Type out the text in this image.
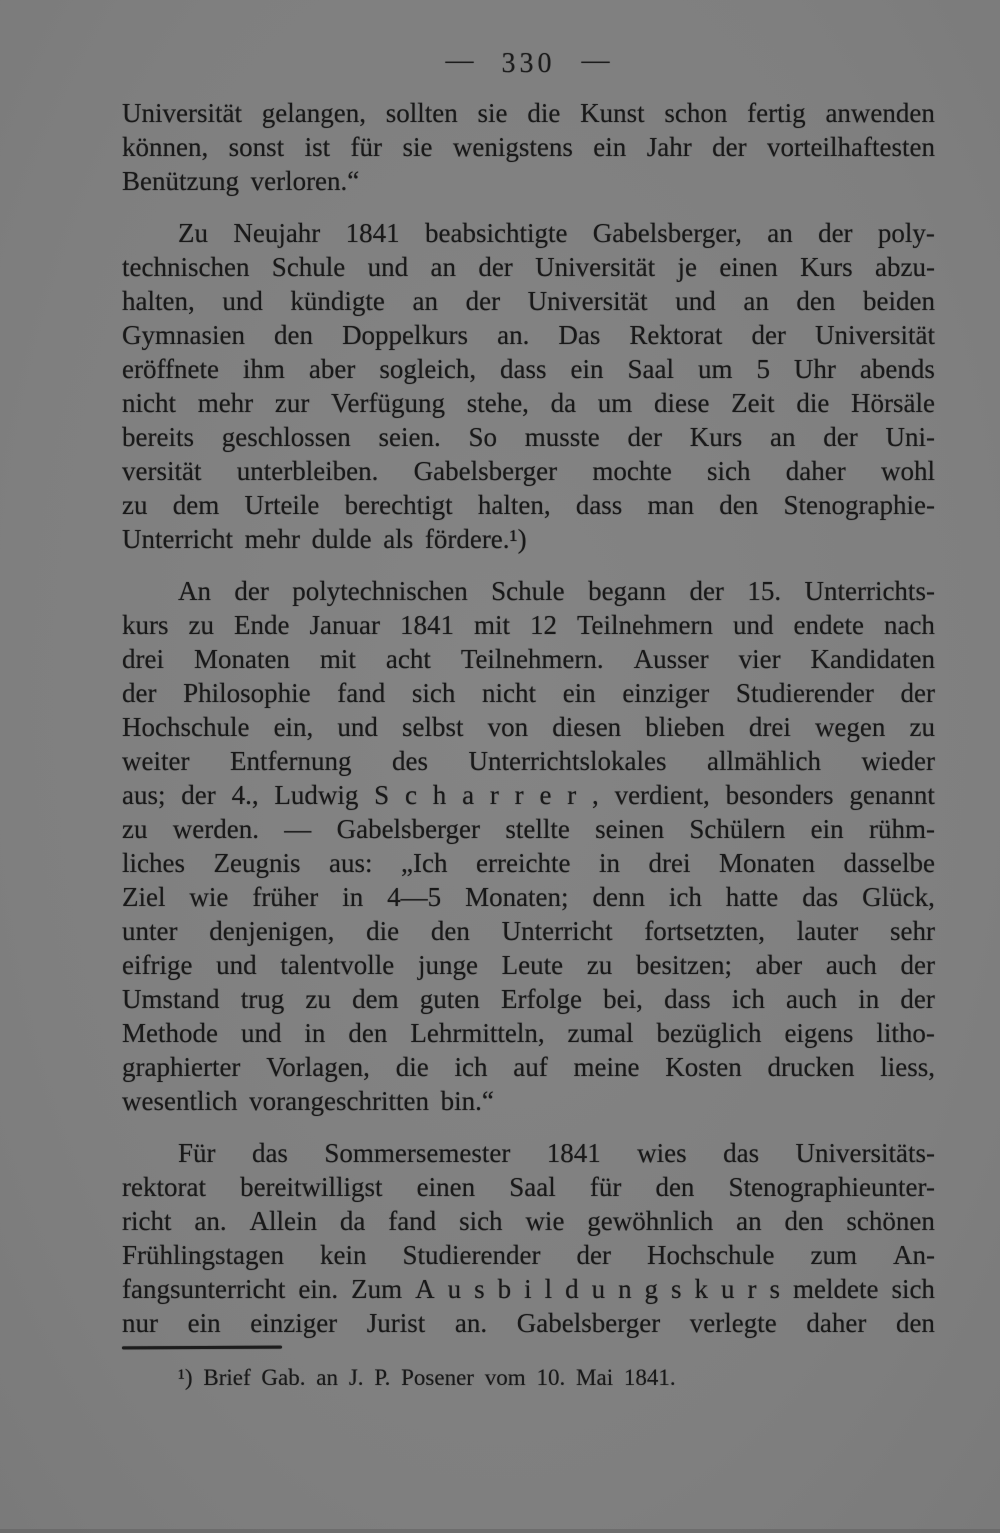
— 330 —
Universität gelangen, sollten sie die Kunst schon fertig anwenden
können, sonst ist für sie wenigstens ein Jahr der vorteilhaftesten
Benützung verloren.“
Zu Neujahr 1841 beabsichtigte Gabelsberger, an der poly-
technischen Schule und an der Universität je einen Kurs abzu-
halten, und kündigte an der Universität und an den beiden
Gymnasien den Doppelkurs an. Das Rektorat der Universität
eröffnete ihm aber sogleich, dass ein Saal um 5 Uhr abends
nicht mehr zur Verfügung stehe, da um diese Zeit die Hörsäle
bereits geschlossen seien. So musste der Kurs an der Uni-
versität unterbleiben. Gabelsberger mochte sich daher wohl
zu dem Urteile berechtigt halten, dass man den Stenographie-
Unterricht mehr dulde als fördere.¹)
An der polytechnischen Schule begann der 15. Unterrichts-
kurs zu Ende Januar 1841 mit 12 Teilnehmern und endete nach
drei Monaten mit acht Teilnehmern. Ausser vier Kandidaten
der Philosophie fand sich nicht ein einziger Studierender der
Hochschule ein, und selbst von diesen blieben drei wegen zu
weiter Entfernung des Unterrichtslokales allmählich wieder
aus; der 4., Ludwig S c h a r r e r , verdient, besonders genannt
zu werden. — Gabelsberger stellte seinen Schülern ein rühm-
liches Zeugnis aus: „Ich erreichte in drei Monaten dasselbe
Ziel wie früher in 4—5 Monaten; denn ich hatte das Glück,
unter denjenigen, die den Unterricht fortsetzten, lauter sehr
eifrige und talentvolle junge Leute zu besitzen; aber auch der
Umstand trug zu dem guten Erfolge bei, dass ich auch in der
Methode und in den Lehrmitteln, zumal bezüglich eigens litho-
graphierter Vorlagen, die ich auf meine Kosten drucken liess,
wesentlich vorangeschritten bin.“
Für das Sommersemester 1841 wies das Universitäts-
rektorat bereitwilligst einen Saal für den Stenographieunter-
richt an. Allein da fand sich wie gewöhnlich an den schönen
Frühlingstagen kein Studierender der Hochschule zum An-
fangsunterricht ein. Zum A u s b i l d u n g s k u r s meldete sich
nur ein einziger Jurist an. Gabelsberger verlegte daher den
¹) Brief Gab. an J. P. Posener vom 10. Mai 1841.
